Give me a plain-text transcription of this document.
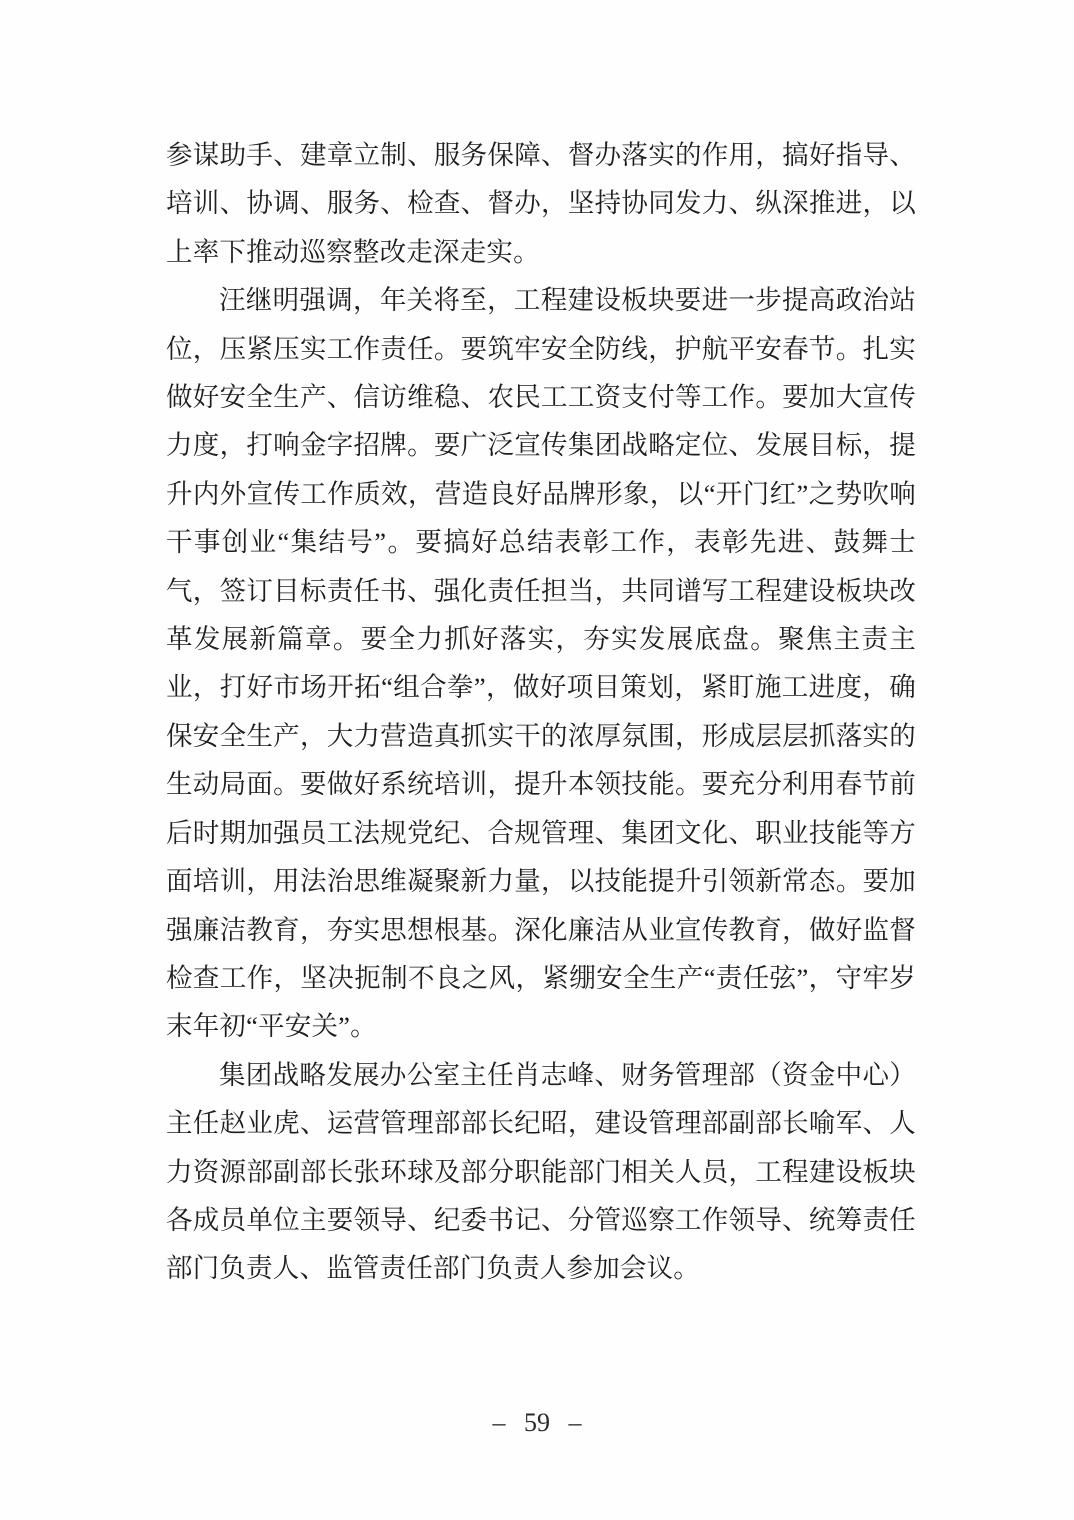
参谋助手、建章立制、服务保障、督办落实的作用，搞好指导、培训、协调、服务、检查、督办，坚持协同发力、纵深推进，以上率下推动巡察整改走深走实。

汪继明强调，年关将至，工程建设板块要进一步提高政治站位，压紧压实工作责任。要筑牢安全防线，护航平安春节。扎实做好安全生产、信访维稳、农民工工资支付等工作。要加大宣传力度，打响金字招牌。要广泛宣传集团战略定位、发展目标，提升内外宣传工作质效，营造良好品牌形象，以“开门红”之势吹响干事创业“集结号”。要搞好总结表彰工作，表彰先进、鼓舞士气，签订目标责任书、强化责任担当，共同谱写工程建设板块改革发展新篇章。要全力抓好落实，夯实发展底盘。聚焦主责主业，打好市场开拓“组合拳”，做好项目策划，紧盯施工进度，确保安全生产，大力营造真抓实干的浓厚氛围，形成层层抓落实的生动局面。要做好系统培训，提升本领技能。要充分利用春节前后时期加强员工法规党纪、合规管理、集团文化、职业技能等方面培训，用法治思维凝聚新力量，以技能提升引领新常态。要加强廉洁教育，夯实思想根基。深化廉洁从业宣传教育，做好监督检查工作，坚决扼制不良之风，紧绷安全生产“责任弦”，守牢岁末年初“平安关”。

集团战略发展办公室主任肖志峰、财务管理部（资金中心）主任赵业虎、运营管理部部长纪昭，建设管理部副部长喻军、人力资源部副部长张环球及部分职能部门相关人员，工程建设板块各成员单位主要领导、纪委书记、分管巡察工作领导、统筹责任部门负责人、监管责任部门负责人参加会议。

– 59 –
